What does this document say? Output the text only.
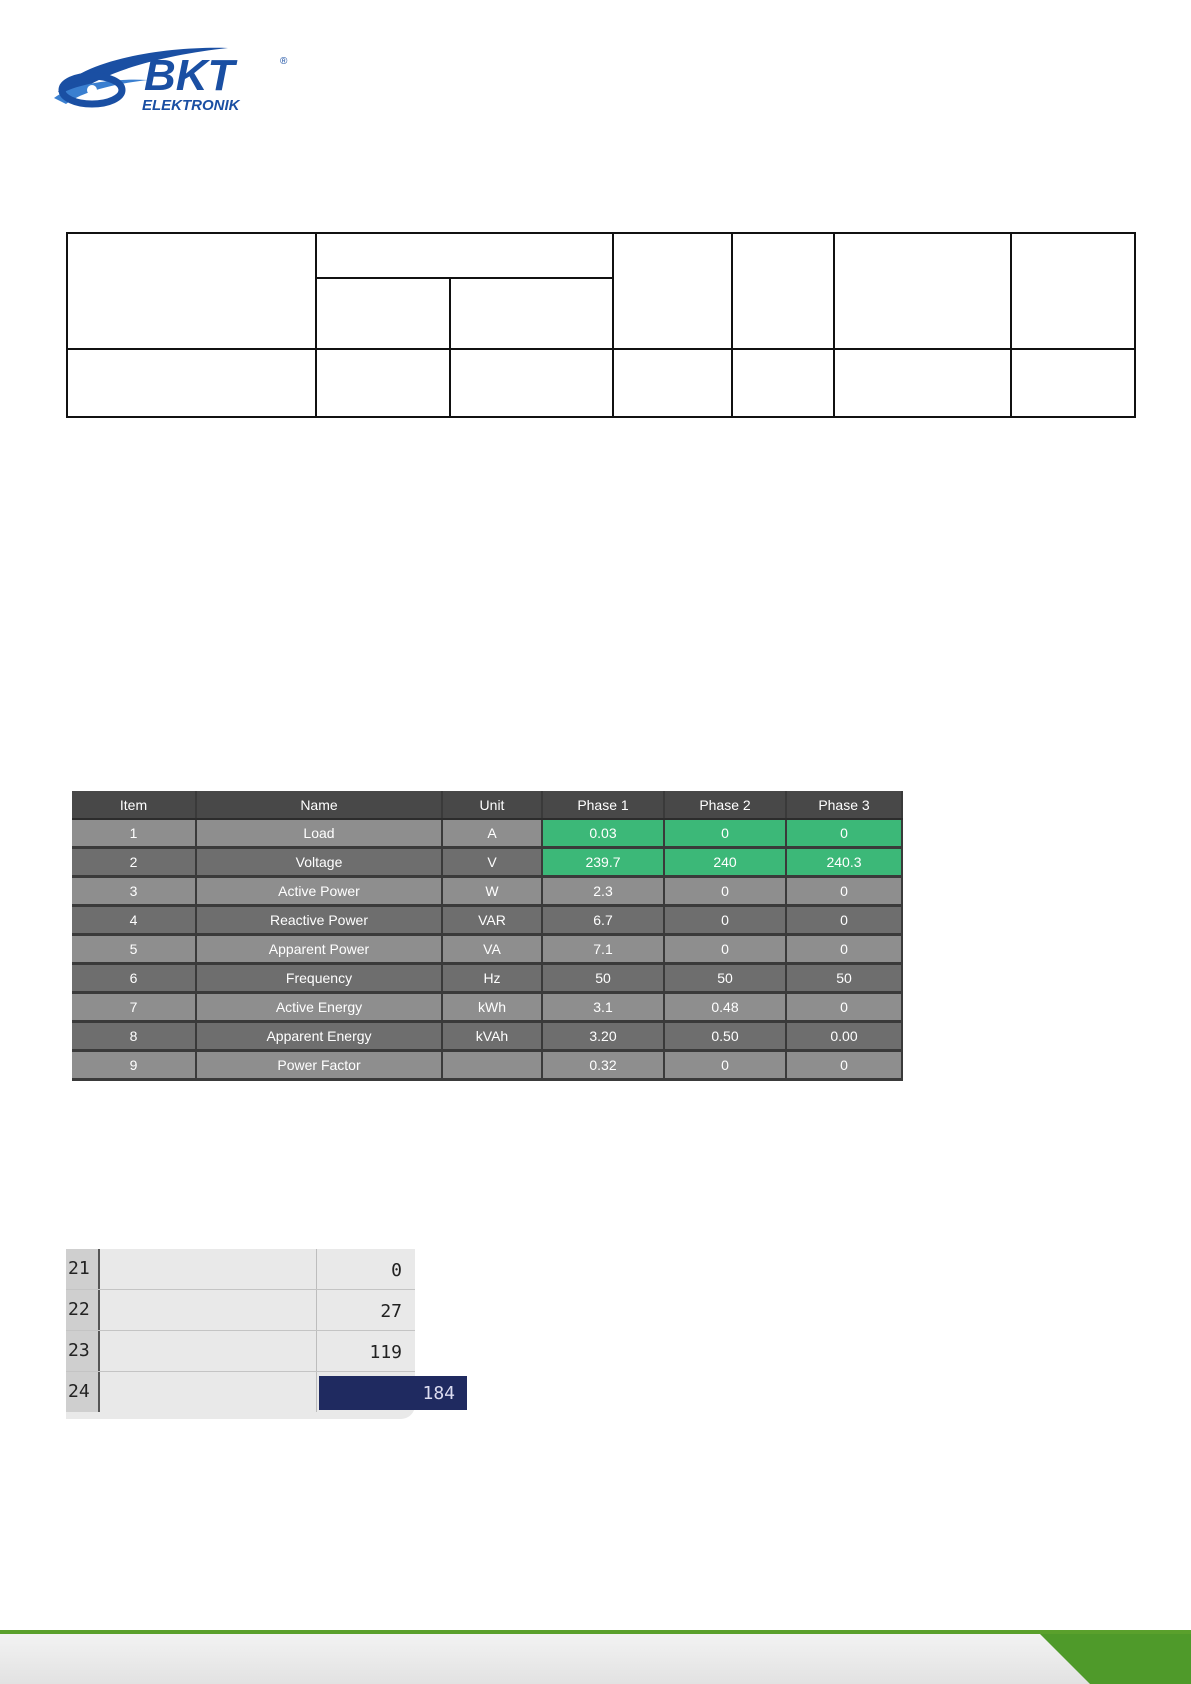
BKT
ELEKTRONIK
®

Item	Name	Unit	Phase 1	Phase 2	Phase 3
1	Load	A	0.03	0	0
2	Voltage	V	239.7	240	240.3
3	Active Power	W	2.3	0	0
4	Reactive Power	VAR	6.7	0	0
5	Apparent Power	VA	7.1	0	0
6	Frequency	Hz	50	50	50
7	Active Energy	kWh	3.1	0.48	0
8	Apparent Energy	kVAh	3.20	0.50	0.00
9	Power Factor		0.32	0	0
21	0
22	27
23	119
24	184
